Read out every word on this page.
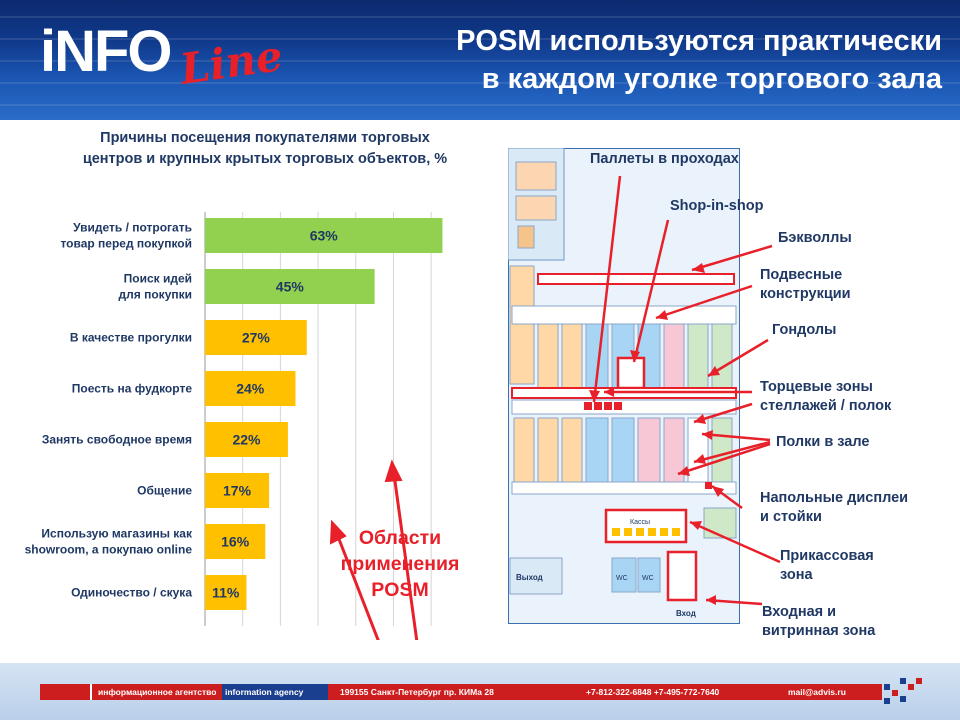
iNFO Line	POSM используются практически
в каждом уголке торгового зала
Причины посещения покупателями торговых
центров и крупных крытых торговых объектов, %
Увидеть / потрогать
товар перед покупкой
Поиск идей
для покупки
В качестве прогулки
Поесть на фудкорте
Занять свободное время
Общение
Использую магазины как
showroom, а покупаю online
Одиночество / скука
63%
45%
27%
24%
22%
17%
16%
11%
Области
применения
POSM
Кассы
Выход	WC WC
Вход
Паллеты в проходах
Shop-in-shop
Бэкволлы
Подвесные
конструкции
Гондолы
Торцевые зоны
стеллажей / полок
Полки в зале
Напольные дисплеи
и стойки
Прикассовая
зона
Входная и
витринная зона
информационное агентство	information agency	199155 Санкт-Петербург пр. КИМа 28	+7-812-322-6848 +7-495-772-7640	mail@advis.ru
